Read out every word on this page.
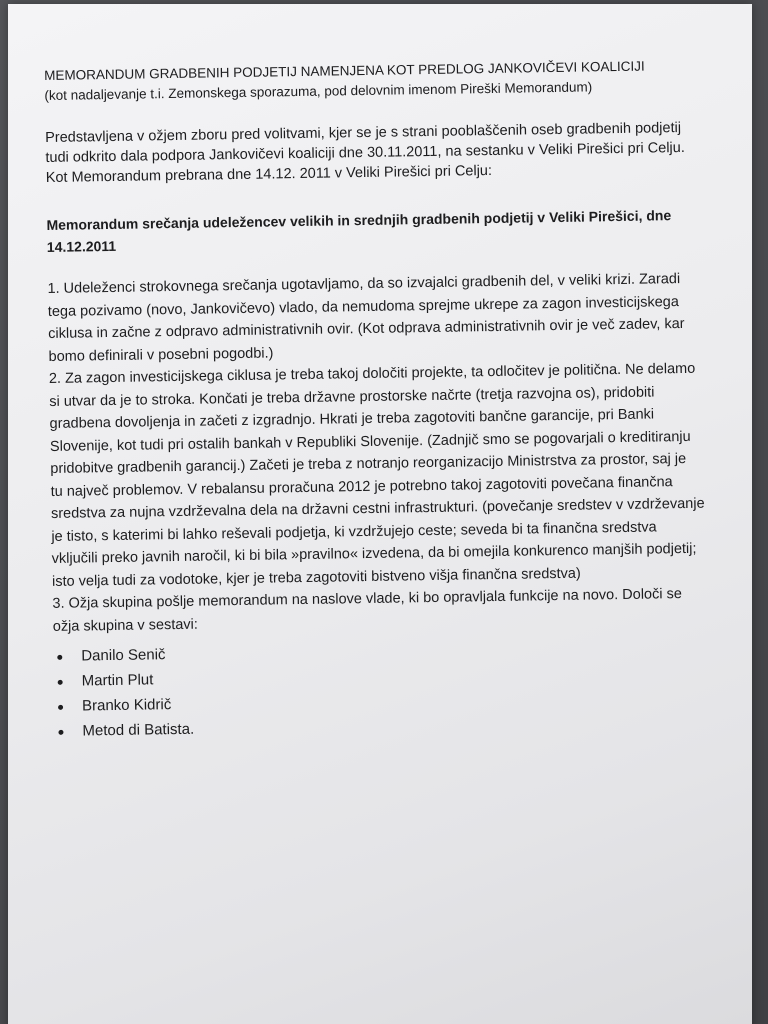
MEMORANDUM GRADBENIH PODJETIJ NAMENJENA KOT PREDLOG JANKOVIČEVI KOALICIJI

(kot nadaljevanje t.i. Zemonskega sporazuma, pod delovnim imenom Pireški Memorandum)

Predstavljena v ožjem zboru pred volitvami, kjer se je s strani pooblaščenih oseb gradbenih podjetij

tudi odkrito dala podpora Jankovičevi koaliciji dne 30.11.2011, na sestanku v Veliki Pirešici pri Celju.

Kot Memorandum prebrana dne 14.12. 2011 v Veliki Pirešici pri Celju:

Memorandum srečanja udeležencev velikih in srednjih gradbenih podjetij v Veliki Pirešici, dne

14.12.2011

1. Udeleženci strokovnega srečanja ugotavljamo, da so izvajalci gradbenih del, v veliki krizi. Zaradi

tega pozivamo (novo, Jankovičevo) vlado, da nemudoma sprejme ukrepe za zagon investicijskega

ciklusa in začne z odpravo administrativnih ovir. (Kot odprava administrativnih ovir je več zadev, kar

bomo definirali v posebni pogodbi.)

2. Za zagon investicijskega ciklusa je treba takoj določiti projekte, ta odločitev je politična. Ne delamo

si utvar da je to stroka. Končati je treba državne prostorske načrte (tretja razvojna os), pridobiti

gradbena dovoljenja in začeti z izgradnjo. Hkrati je treba zagotoviti bančne garancije, pri Banki

Slovenije, kot tudi pri ostalih bankah v Republiki Slovenije. (Zadnjič smo se pogovarjali o kreditiranju

pridobitve gradbenih garancij.) Začeti je treba z notranjo reorganizacijo Ministrstva za prostor, saj je

tu največ problemov. V rebalansu proračuna 2012 je potrebno takoj zagotoviti povečana finančna

sredstva za nujna vzdrževalna dela na državni cestni infrastrukturi. (povečanje sredstev v vzdrževanje

je tisto, s katerimi bi lahko reševali podjetja, ki vzdržujejo ceste; seveda bi ta finančna sredstva

vključili preko javnih naročil, ki bi bila »pravilno« izvedena, da bi omejila konkurenco manjših podjetij;

isto velja tudi za vodotoke, kjer je treba zagotoviti bistveno višja finančna sredstva)

3. Ožja skupina pošlje memorandum na naslove vlade, ki bo opravljala funkcije na novo. Določi se

ožja skupina v sestavi:

Danilo Senič
Martin Plut
Branko Kidrič
Metod di Batista.
